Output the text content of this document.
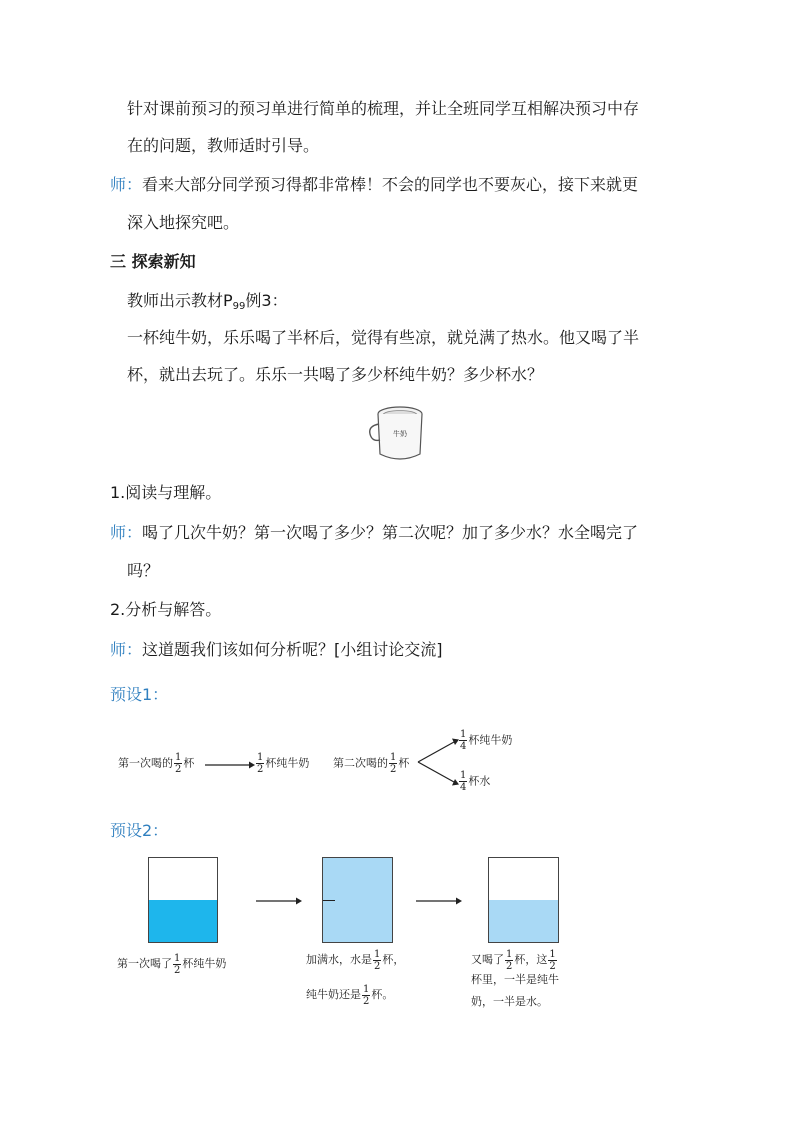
针对课前预习的预习单进行简单的梳理，并让全班同学互相解决预习中存
在的问题，教师适时引导。
师：看来大部分同学预习得都非常棒！不会的同学也不要灰心，接下来就更
深入地探究吧。
三 探索新知
教师出示教材$P_{99}$例3：
一杯纯牛奶，乐乐喝了半杯后，觉得有些凉，就兑满了热水。他又喝了半
杯，就出去玩了。乐乐一共喝了多少杯纯牛奶？多少杯水？
牛奶
1.阅读与理解。
师：喝了几次牛奶？第一次喝了多少？第二次呢？加了多少水？水全喝完了
吗？
2.分析与解答。
师：这道题我们该如何分析呢？[小组讨论交流]
预设1：
第一次喝的 $\frac{1}{2}$ 杯	$\frac{1}{2}$ 杯纯牛奶 第二次喝的 $\frac{1}{2}$ 杯
$\frac{1}{4}$ 杯纯牛奶
$\frac{1}{4}$ 杯水
预设2：
第一次喝了 $\frac{1}{2}$ 杯纯牛奶	加满水，水是 $\frac{1}{2}$ 杯，
纯牛奶还是 $\frac{1}{2}$ 杯。
又喝了 $\frac{1}{2}$ 杯，这 $\frac{1}{2}$
杯里，一半是纯牛
奶，一半是水。
